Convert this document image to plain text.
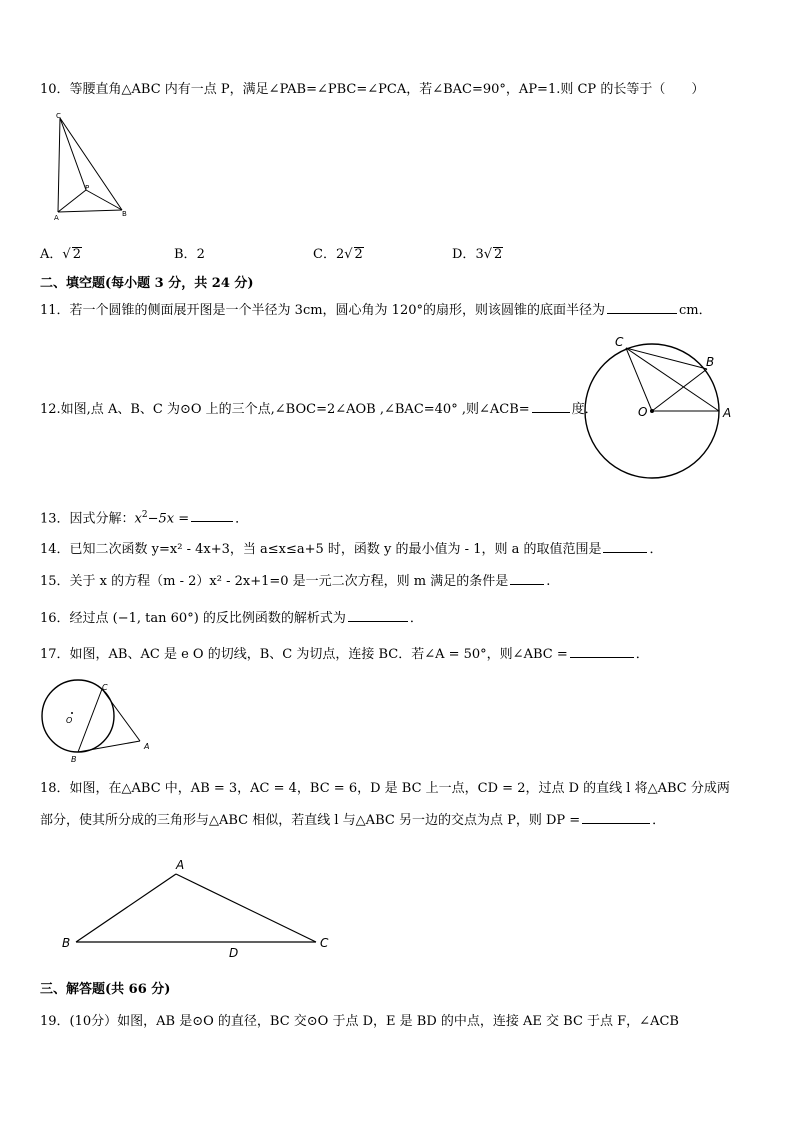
10．等腰直角△ABC 内有一点 P，满足∠PAB=∠PBC=∠PCA，若∠BAC=90°，AP=1.则 CP 的长等于（　　）
C
P
A	B
A．√ 2	B．2	C．2√ 2	D．3√ 2
二、填空题(每小题 3 分，共 24 分)
11．若一个圆锥的侧面展开图是一个半径为 3cm，圆心角为 120°的扇形，则该圆锥的底面半径为	cm．
12.如图,点 A、B、C 为⊙O 上的三个点,∠BOC=2∠AOB ,∠BAC=40° ,则∠ACB=	度．
C
B
O	A
13．因式分解：$x^2-5x$ =	．
14．已知二次函数 y=x² - 4x+3，当 a≤x≤a+5 时，函数 y 的最小值为 - 1，则 a 的取值范围是	．
15．关于 x 的方程（m - 2）x² - 2x+1=0 是一元二次方程，则 m 满足的条件是	.
16．经过点 (−1, tan 60°) 的反比例函数的解析式为	．
17．如图，AB、AC 是 e O 的切线，B、C 为切点，连接 BC．若∠A = 50°，则∠ABC =	．
C
O
B
A
18．如图，在△ABC 中，AB = 3，AC = 4，BC = 6，D 是 BC 上一点，CD = 2，过点 D 的直线 l 将△ABC 分成两
部分，使其所分成的三角形与△ABC 相似，若直线 l 与△ABC 另一边的交点为点 P，则 DP =	．
A
B
D
C
三、解答题(共 66 分)
19．(10分）如图，AB 是⊙O 的直径，BC 交⊙O 于点 D，E 是 BD 的中点，连接 AE 交 BC 于点 F，∠ACB
